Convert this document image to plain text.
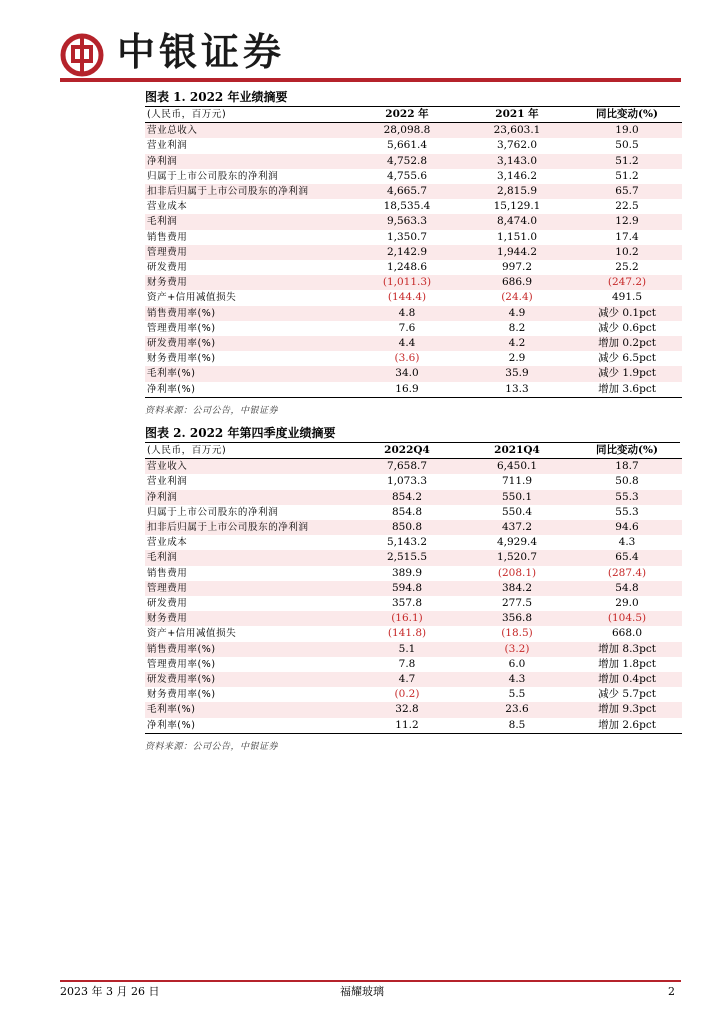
中银证券
图表 1. 2022 年业绩摘要
(人民币，百万元)	2022 年	2021 年	同比变动(%)
营业总收入	28,098.8	23,603.1	19.0
营业利润	5,661.4	3,762.0	50.5
净利润	4,752.8	3,143.0	51.2
归属于上市公司股东的净利润	4,755.6	3,146.2	51.2
扣非后归属于上市公司股东的净利润	4,665.7	2,815.9	65.7
营业成本	18,535.4	15,129.1	22.5
毛利润	9,563.3	8,474.0	12.9
销售费用	1,350.7	1,151.0	17.4
管理费用	2,142.9	1,944.2	10.2
研发费用	1,248.6	997.2	25.2
财务费用	(1,011.3)	686.9	(247.2)
资产+信用减值损失	(144.4)	(24.4)	491.5
销售费用率(%)	4.8	4.9	减少 0.1pct
管理费用率(%)	7.6	8.2	减少 0.6pct
研发费用率(%)	4.4	4.2	增加 0.2pct
财务费用率(%)	(3.6)	2.9	减少 6.5pct
毛利率(%)	34.0	35.9	减少 1.9pct
净利率(%)	16.9	13.3	增加 3.6pct
资料来源：公司公告，中银证券
图表 2. 2022 年第四季度业绩摘要
(人民币，百万元)	2022Q4	2021Q4	同比变动(%)
营业收入	7,658.7	6,450.1	18.7
营业利润	1,073.3	711.9	50.8
净利润	854.2	550.1	55.3
归属于上市公司股东的净利润	854.8	550.4	55.3
扣非后归属于上市公司股东的净利润	850.8	437.2	94.6
营业成本	5,143.2	4,929.4	4.3
毛利润	2,515.5	1,520.7	65.4
销售费用	389.9	(208.1)	(287.4)
管理费用	594.8	384.2	54.8
研发费用	357.8	277.5	29.0
财务费用	(16.1)	356.8	(104.5)
资产+信用减值损失	(141.8)	(18.5)	668.0
销售费用率(%)	5.1	(3.2)	增加 8.3pct
管理费用率(%)	7.8	6.0	增加 1.8pct
研发费用率(%)	4.7	4.3	增加 0.4pct
财务费用率(%)	(0.2)	5.5	减少 5.7pct
毛利率(%)	32.8	23.6	增加 9.3pct
净利率(%)	11.2	8.5	增加 2.6pct
资料来源：公司公告，中银证券
2023 年 3 月 26 日	福耀玻璃	2
